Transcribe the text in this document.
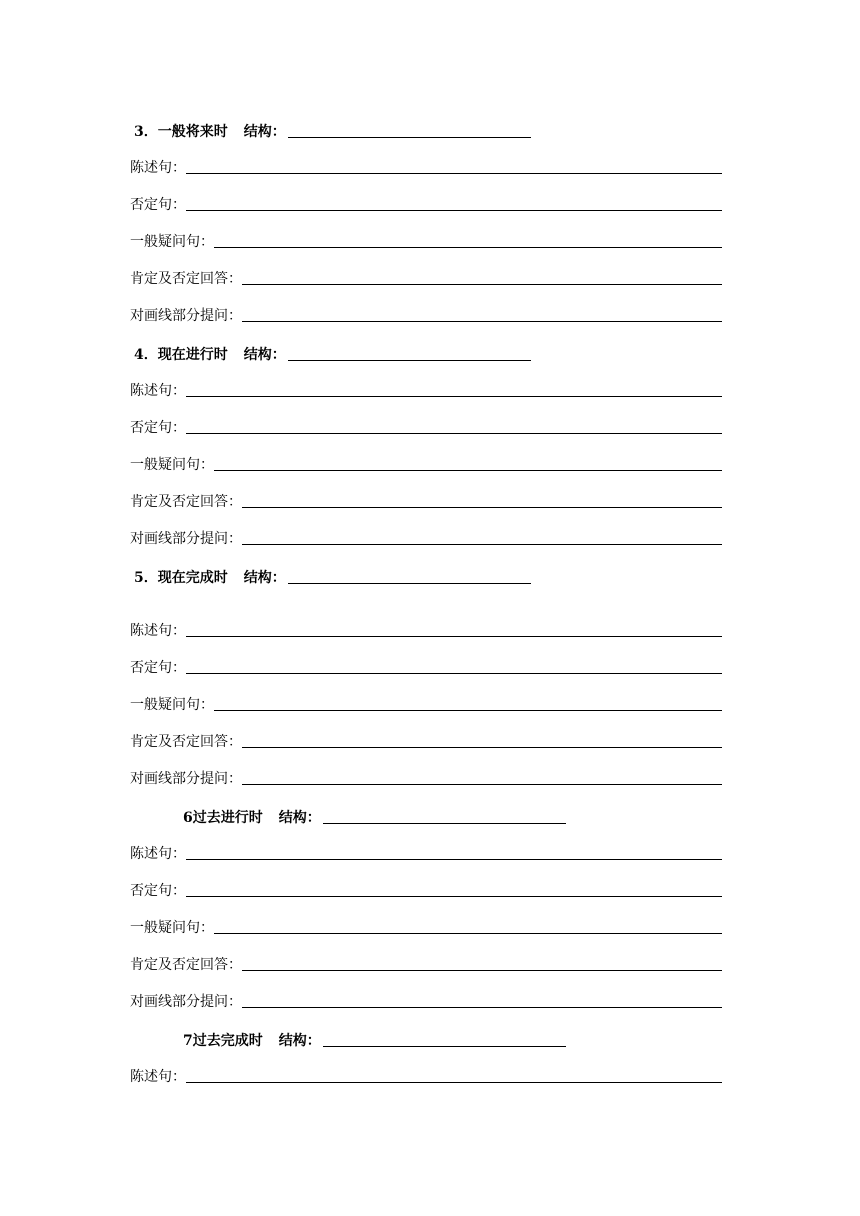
3． 一般将来时 结构：
陈述句：
否定句：
一般疑问句：
肯定及否定回答：
对画线部分提问：
4． 现在进行时 结构：
陈述句：
否定句：
一般疑问句：
肯定及否定回答：
对画线部分提问：
5． 现在完成时 结构：
陈述句：
否定句：
一般疑问句：
肯定及否定回答：
对画线部分提问：
6 过去进行时 结构：
陈述句：
否定句：
一般疑问句：
肯定及否定回答：
对画线部分提问：
7 过去完成时 结构：
陈述句：
